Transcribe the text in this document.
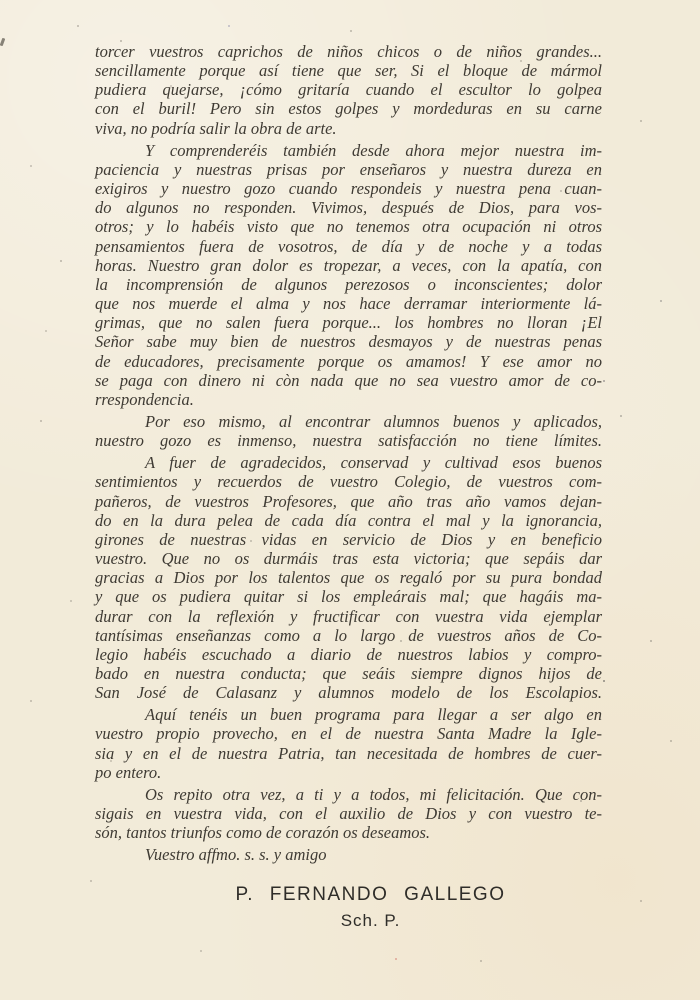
torcer vuestros caprichos de niños chicos o de niños grandes...
sencillamente porque así tiene que ser, Si el bloque de mármol
pudiera quejarse, ¡cómo gritaría cuando el escultor lo golpea
con el buril! Pero sin estos golpes y mordeduras en su carne
viva, no podría salir la obra de arte.
Y comprenderéis también desde ahora mejor nuestra im-
paciencia y nuestras prisas por enseñaros y nuestra dureza en
exigiros y nuestro gozo cuando respondeis y nuestra pena cuan-
do algunos no responden. Vivimos, después de Dios, para vos-
otros; y lo habéis visto que no tenemos otra ocupación ni otros
pensamientos fuera de vosotros, de día y de noche y a todas
horas. Nuestro gran dolor es tropezar, a veces, con la apatía, con
la incomprensión de algunos perezosos o inconscientes; dolor
que nos muerde el alma y nos hace derramar interiormente lá-
grimas, que no salen fuera porque... los hombres no lloran ¡El
Señor sabe muy bien de nuestros desmayos y de nuestras penas
de educadores, precisamente porque os amamos! Y ese amor no
se paga con dinero ni còn nada que no sea vuestro amor de co-
rrespondencia.
Por eso mismo, al encontrar alumnos buenos y aplicados,
nuestro gozo es inmenso, nuestra satisfacción no tiene límites.
A fuer de agradecidos, conservad y cultivad esos buenos
sentimientos y recuerdos de vuestro Colegio, de vuestros com-
pañeros, de vuestros Profesores, que año tras año vamos dejan-
do en la dura pelea de cada día contra el mal y la ignorancia,
girones de nuestras vidas en servicio de Dios y en beneficio
vuestro. Que no os durmáis tras esta victoria; que sepáis dar
gracias a Dios por los talentos que os regaló por su pura bondad
y que os pudiera quitar si los empleárais mal; que hagáis ma-
durar con la reflexión y fructificar con vuestra vida ejemplar
tantísimas enseñanzas como a lo largo de vuestros años de Co-
legio habéis escuchado a diario de nuestros labios y compro-
bado en nuestra conducta; que seáis siempre dignos hijos de
San José de Calasanz y alumnos modelo de los Escolapios.
Aquí tenéis un buen programa para llegar a ser algo en
vuestro propio provecho, en el de nuestra Santa Madre la Igle-
sia y en el de nuestra Patria, tan necesitada de hombres de cuer-
po entero.
Os repito otra vez, a ti y a todos, mi felicitación. Que con-
sigais en vuestra vida, con el auxilio de Dios y con vuestro te-
són, tantos triunfos como de corazón os deseamos.
Vuestro affmo. s. s. y amigo
P. FERNANDO GALLEGO
Sch. P.
